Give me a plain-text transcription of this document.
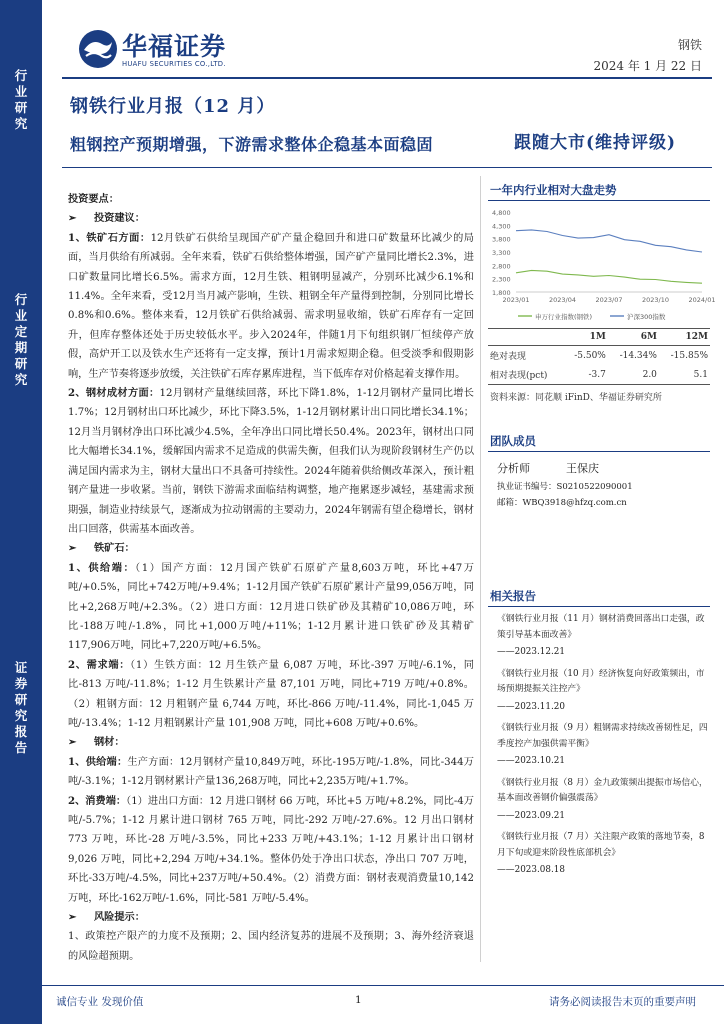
行
业
研
究
行
业
定
期
研
究
证
券
研
究
报
告
华福证券
HUAFU SECURITIES CO.,LTD.
钢铁
2024 年 1 月 22 日
钢铁行业月报（12 月）
粗钢控产预期增强，下游需求整体企稳基本面稳固	跟随大市(维持评级)

投资要点：

➢ 投资建议：

1、铁矿石方面：12月铁矿石供给呈现国产矿产量企稳回升和进口矿数量环比减少的局面，当月供给有所减弱。全年来看，铁矿石供给整体增强，国产矿产量同比增长2.3%，进口矿数量同比增长6.5%。需求方面，12月生铁、粗钢明显减产，分别环比减少6.1%和11.4%。全年来看，受12月当月减产影响，生铁、粗钢全年产量得到控制，分别同比增长0.8%和0.6%。整体来看，12月铁矿石供给减弱、需求明显收缩，铁矿石库存有一定回升，但库存整体还处于历史较低水平。步入2024年，伴随1月下旬组织钢厂恒续停产放假，高炉开工以及铁水生产还将有一定支撑，预计1月需求短期企稳。但受淡季和假期影响，生产节奏将逐步放缓，关注铁矿石库存累库进程，当下低库存对价格起着支撑作用。

2、钢材成材方面：12月钢材产量继续回落，环比下降1.8%，1-12月钢材产量同比增长1.7%；12月钢材出口环比减少，环比下降3.5%，1-12月钢材累计出口同比增长34.1%；12月当月钢材净出口环比减少4.5%，全年净出口同比增长50.4%。2023年，钢材出口同比大幅增长34.1%，缓解国内需求不足造成的供需失衡，但我们认为现阶段钢材生产仍以满足国内需求为主，钢材大量出口不具备可持续性。2024年随着供给侧改革深入，预计粗钢产量进一步收紧。当前，钢铁下游需求面临结构调整，地产拖累逐步减轻，基建需求预期强，制造业持续景气，逐渐成为拉动钢需的主要动力，2024年钢需有望企稳增长，钢材出口回落，供需基本面改善。

➢ 铁矿石：

1、供给端：（1）国产方面：12月国产铁矿石原矿产量8,603万吨，环比+47万吨/+0.5%，同比+742万吨/+9.4%；1-12月国产铁矿石原矿累计产量99,056万吨，同比+2,268万吨/+2.3%。（2）进口方面：12月进口铁矿砂及其精矿10,086万吨，环比-188万吨/-1.8%，同比+1,000万吨/+11%；1-12月累计进口铁矿砂及其精矿117,906万吨，同比+7,220万吨/+6.5%。

2、需求端：（1）生铁方面：12 月生铁产量 6,087 万吨，环比-397 万吨/-6.1%，同比-813 万吨/-11.8%；1-12 月生铁累计产量 87,101 万吨，同比+719 万吨/+0.8%。（2）粗钢方面：12 月粗钢产量 6,744 万吨，环比-866 万吨/-11.4%，同比-1,045 万吨/-13.4%；1-12 月粗钢累计产量 101,908 万吨，同比+608 万吨/+0.6%。

➢ 钢材：

1、供给端：生产方面：12月钢材产量10,849万吨，环比-195万吨/-1.8%，同比-344万吨/-3.1%；1-12月钢材累计产量136,268万吨，同比+2,235万吨/+1.7%。

2、消费端：（1）进出口方面：12 月进口钢材 66 万吨，环比+5 万吨/+8.2%，同比-4万吨/-5.7%；1-12 月累计进口钢材 765 万吨，同比-292 万吨/-27.6%。12 月出口钢材773 万吨，环比-28 万吨/-3.5%，同比+233 万吨/+43.1%；1-12 月累计出口钢材 9,026 万吨，同比+2,294 万吨/+34.1%。整体仍处于净出口状态，净出口 707 万吨，环比-33万吨/-4.5%，同比+237万吨/+50.4%。（2）消费方面：钢材表观消费量10,142万吨，环比-162万吨/-1.6%，同比-581 万吨/-5.4%。

➢ 风险提示：

1、政策控产限产的力度不及预期；2、国内经济复苏的进展不及预期；3、海外经济衰退的风险超预期。

一年内行业相对大盘走势
4,800
4,300
3,800
3,300
2,800
2,300
1,800
2023/01	2023/04	2023/07	2023/10	2024/01
申万行业指数(钢铁)	沪深300指数
	1M	6M	12M
绝对表现	-5.50%	-14.34%	-15.85%
相对表现(pct)	-3.7	2.0	5.1
资料来源：同花顺 iFinD、华福证券研究所
团队成员
分析师	王保庆
执业证书编号：S0210522090001
邮箱：WBQ3918@hfzq.com.cn
相关报告
《钢铁行业月报（11 月）钢材消费回落出口走强，政策引导基本面改善》
——2023.12.21
《钢铁行业月报（10 月）经济恢复向好政策频出，市场预期提振关注控产》
——2023.11.20
《钢铁行业月报（9 月）粗钢需求持续改善韧性足，四季度控产加强供需平衡》
——2023.10.21
《钢铁行业月报（8 月）金九政策频出提振市场信心，基本面改善钢价偏强震荡》
——2023.09.21
《钢铁行业月报（7 月）关注限产政策的落地节奏，8 月下旬或迎来阶段性底部机会》
——2023.08.18
诚信专业 发现价值	1	请务必阅读报告末页的重要声明
